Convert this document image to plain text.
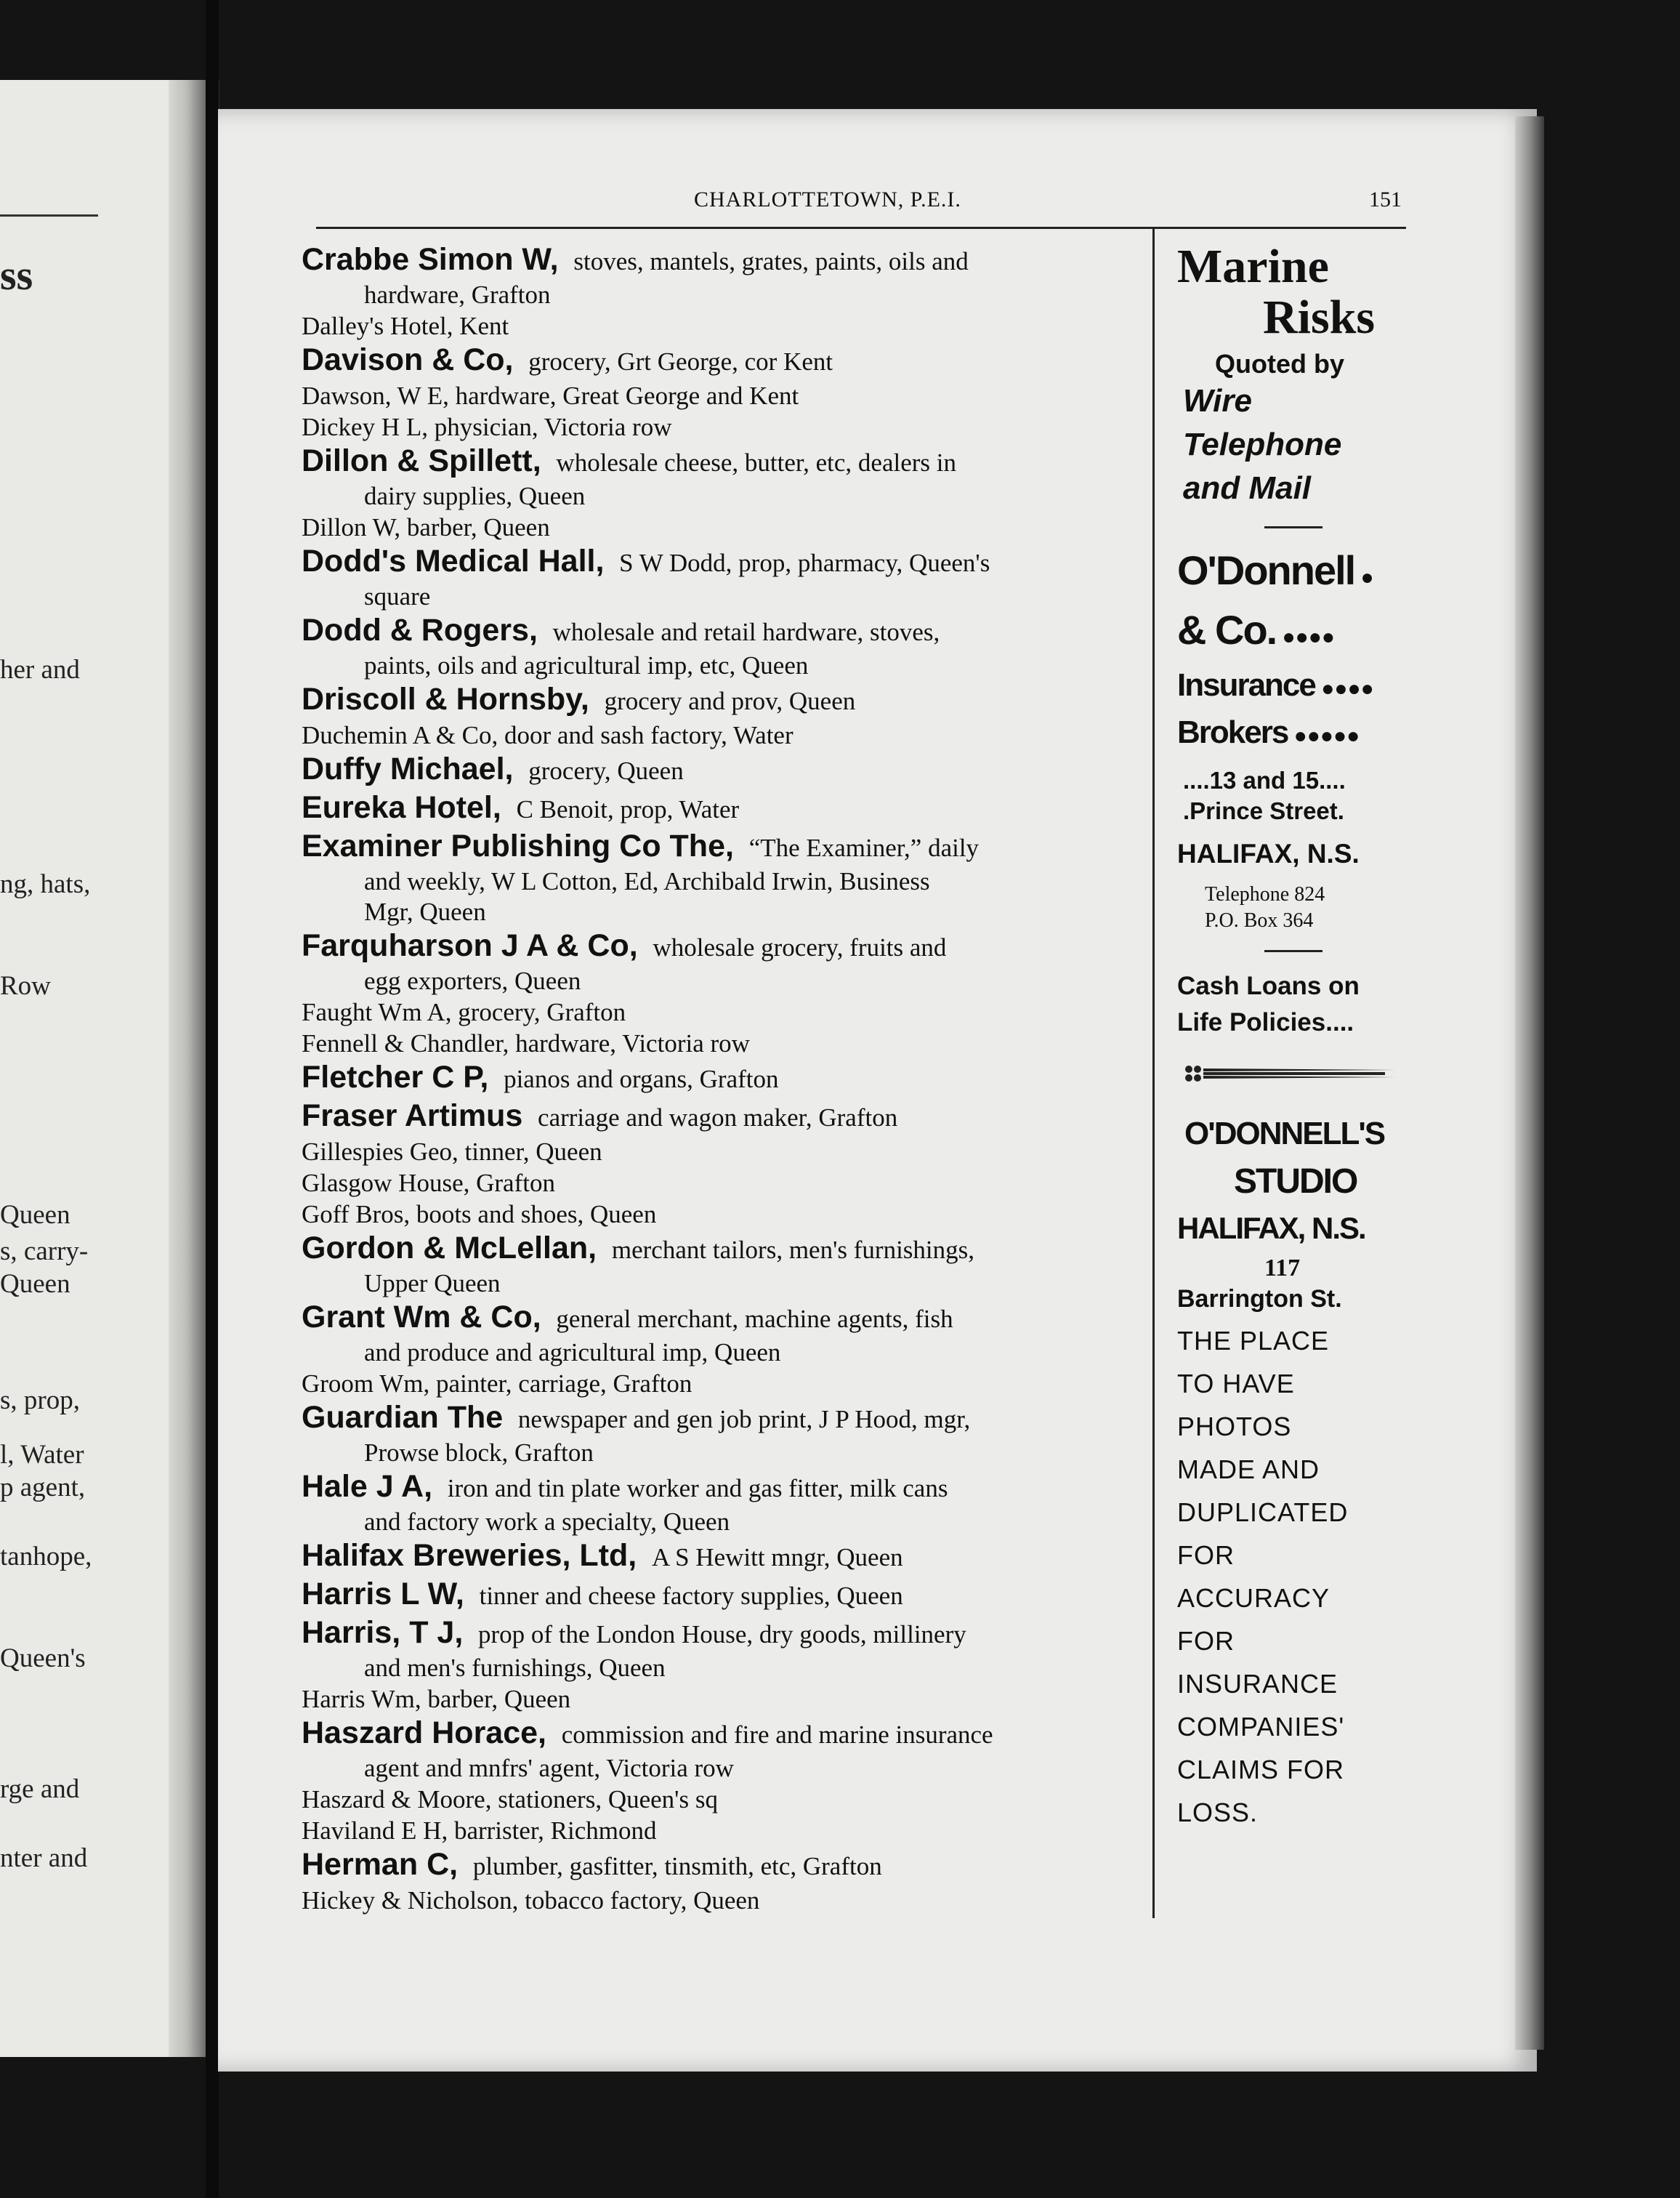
ss
her and
ng, hats,
Row
Queen
s, carry-
Queen
s, prop,
l, Water
p agent,
tanhope,
Queen's
rge and
nter and
CHARLOTTETOWN, P.E.I.	151
Crabbe Simon W, stoves, mantels, grates, paints, oils and
hardware, Grafton
Dalley's Hotel, Kent
Davison & Co, grocery, Grt George, cor Kent
Dawson, W E, hardware, Great George and Kent
Dickey H L, physician, Victoria row
Dillon & Spillett, wholesale cheese, butter, etc, dealers in
dairy supplies, Queen
Dillon W, barber, Queen
Dodd's Medical Hall, S W Dodd, prop, pharmacy, Queen's
square
Dodd & Rogers, wholesale and retail hardware, stoves,
paints, oils and agricultural imp, etc, Queen
Driscoll & Hornsby, grocery and prov, Queen
Duchemin A & Co, door and sash factory, Water
Duffy Michael, grocery, Queen
Eureka Hotel, C Benoit, prop, Water
Examiner Publishing Co The, “The Examiner,” daily
and weekly, W L Cotton, Ed, Archibald Irwin, Business
Mgr, Queen
Farquharson J A & Co, wholesale grocery, fruits and
egg exporters, Queen
Faught Wm A, grocery, Grafton
Fennell & Chandler, hardware, Victoria row
Fletcher C P, pianos and organs, Grafton
Fraser Artimus carriage and wagon maker, Grafton
Gillespies Geo, tinner, Queen
Glasgow House, Grafton
Goff Bros, boots and shoes, Queen
Gordon & McLellan, merchant tailors, men's furnishings,
Upper Queen
Grant Wm & Co, general merchant, machine agents, fish
and produce and agricultural imp, Queen
Groom Wm, painter, carriage, Grafton
Guardian The newspaper and gen job print, J P Hood, mgr,
Prowse block, Grafton
Hale J A, iron and tin plate worker and gas fitter, milk cans
and factory work a specialty, Queen
Halifax Breweries, Ltd, A S Hewitt mngr, Queen
Harris L W, tinner and cheese factory supplies, Queen
Harris, T J, prop of the London House, dry goods, millinery
and men's furnishings, Queen
Harris Wm, barber, Queen
Haszard Horace, commission and fire and marine insurance
agent and mnfrs' agent, Victoria row
Haszard & Moore, stationers, Queen's sq
Haviland E H, barrister, Richmond
Herman C, plumber, gasfitter, tinsmith, etc, Grafton
Hickey & Nicholson, tobacco factory, Queen
Marine
Risks
Quoted by
Wire
Telephone
and Mail
O'Donnell ●
& Co. ●●●●
Insurance ●●●●
Brokers ●●●●●
....13 and 15....
.Prince Street.
HALIFAX, N.S.
Telephone 824
P.O. Box 364
Cash Loans on
Life Policies....
O'DONNELL'S
STUDIO
HALIFAX, N.S.
117
Barrington St.
THE PLACE
TO HAVE
PHOTOS
MADE AND
DUPLICATED
FOR
ACCURACY
FOR
INSURANCE
COMPANIES'
CLAIMS FOR
LOSS.
